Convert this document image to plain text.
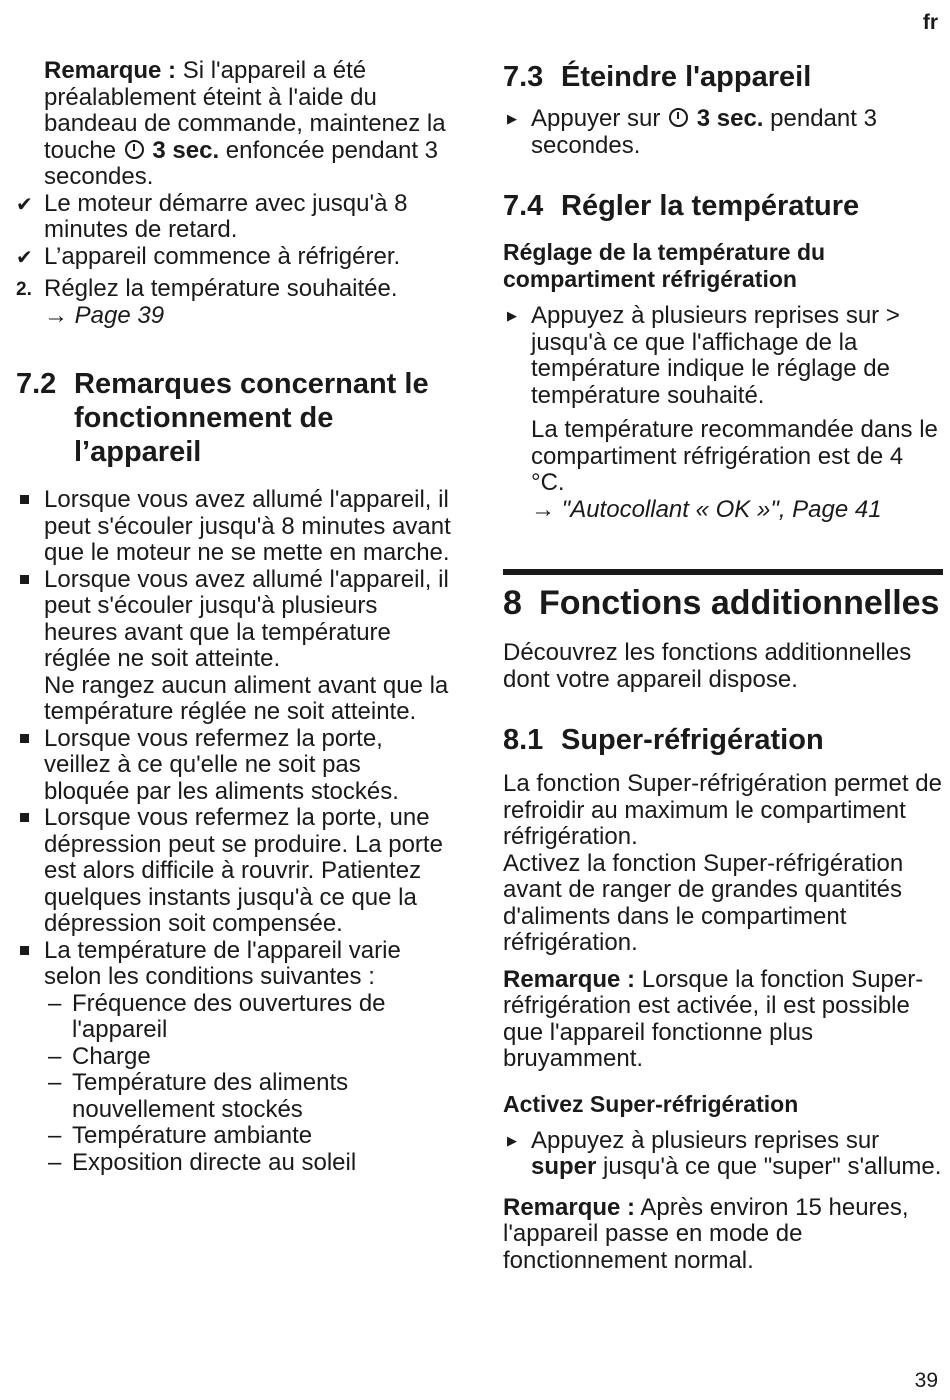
fr

Remarque : Si l'appareil a été préalablement éteint à l'aide du bandeau de commande, maintenez la touche  3 sec. enfoncée pendant 3 secondes.

✔ Le moteur démarre avec jusqu'à 8 minutes de retard.
✔ L’appareil commence à réfrigérer.
2. Réglez la température souhaitée.
→ Page 39
7.2 Remarques concernant le fonctionnement de l’appareil
Lorsque vous avez allumé l'appareil, il peut s'écouler jusqu'à 8 minutes avant que le moteur ne se mette en marche.
Lorsque vous avez allumé l'appareil, il peut s'écouler jusqu'à plusieurs heures avant que la température réglée ne soit atteinte.
Ne rangez aucun aliment avant que la température réglée ne soit atteinte.
Lorsque vous refermez la porte, veillez à ce qu'elle ne soit pas bloquée par les aliments stockés.
Lorsque vous refermez la porte, une dépression peut se produire. La porte est alors difficile à rouvrir. Patientez quelques instants jusqu'à ce que la dépression soit compensée.
La température de l'appareil varie selon les conditions suivantes :
– Fréquence des ouvertures de l'appareil
– Charge
– Température des aliments nouvellement stockés
– Température ambiante
– Exposition directe au soleil
7.3 Éteindre l'appareil
▶ Appuyer sur  3 sec. pendant 3 secondes.
7.4 Régler la température
Réglage de la température du compartiment réfrigération
▶ Appuyez à plusieurs reprises sur > jusqu'à ce que l'affichage de la température indique le réglage de température souhaité.

La température recommandée dans le compartiment réfrigération est de 4 °C.
→ "Autocollant « OK »", Page 41

8 Fonctions additionnelles

Découvrez les fonctions additionnelles dont votre appareil dispose.

8.1 Super-réfrigération

La fonction Super-réfrigération permet de refroidir au maximum le compartiment réfrigération.
Activez la fonction Super-réfrigération avant de ranger de grandes quantités d'aliments dans le compartiment réfrigération.

Remarque : Lorsque la fonction Super-réfrigération est activée, il est possible que l'appareil fonctionne plus bruyamment.

Activez Super-réfrigération
▶ Appuyez à plusieurs reprises sur super jusqu'à ce que "super" s'allume.

Remarque : Après environ 15 heures, l'appareil passe en mode de fonctionnement normal.

39
